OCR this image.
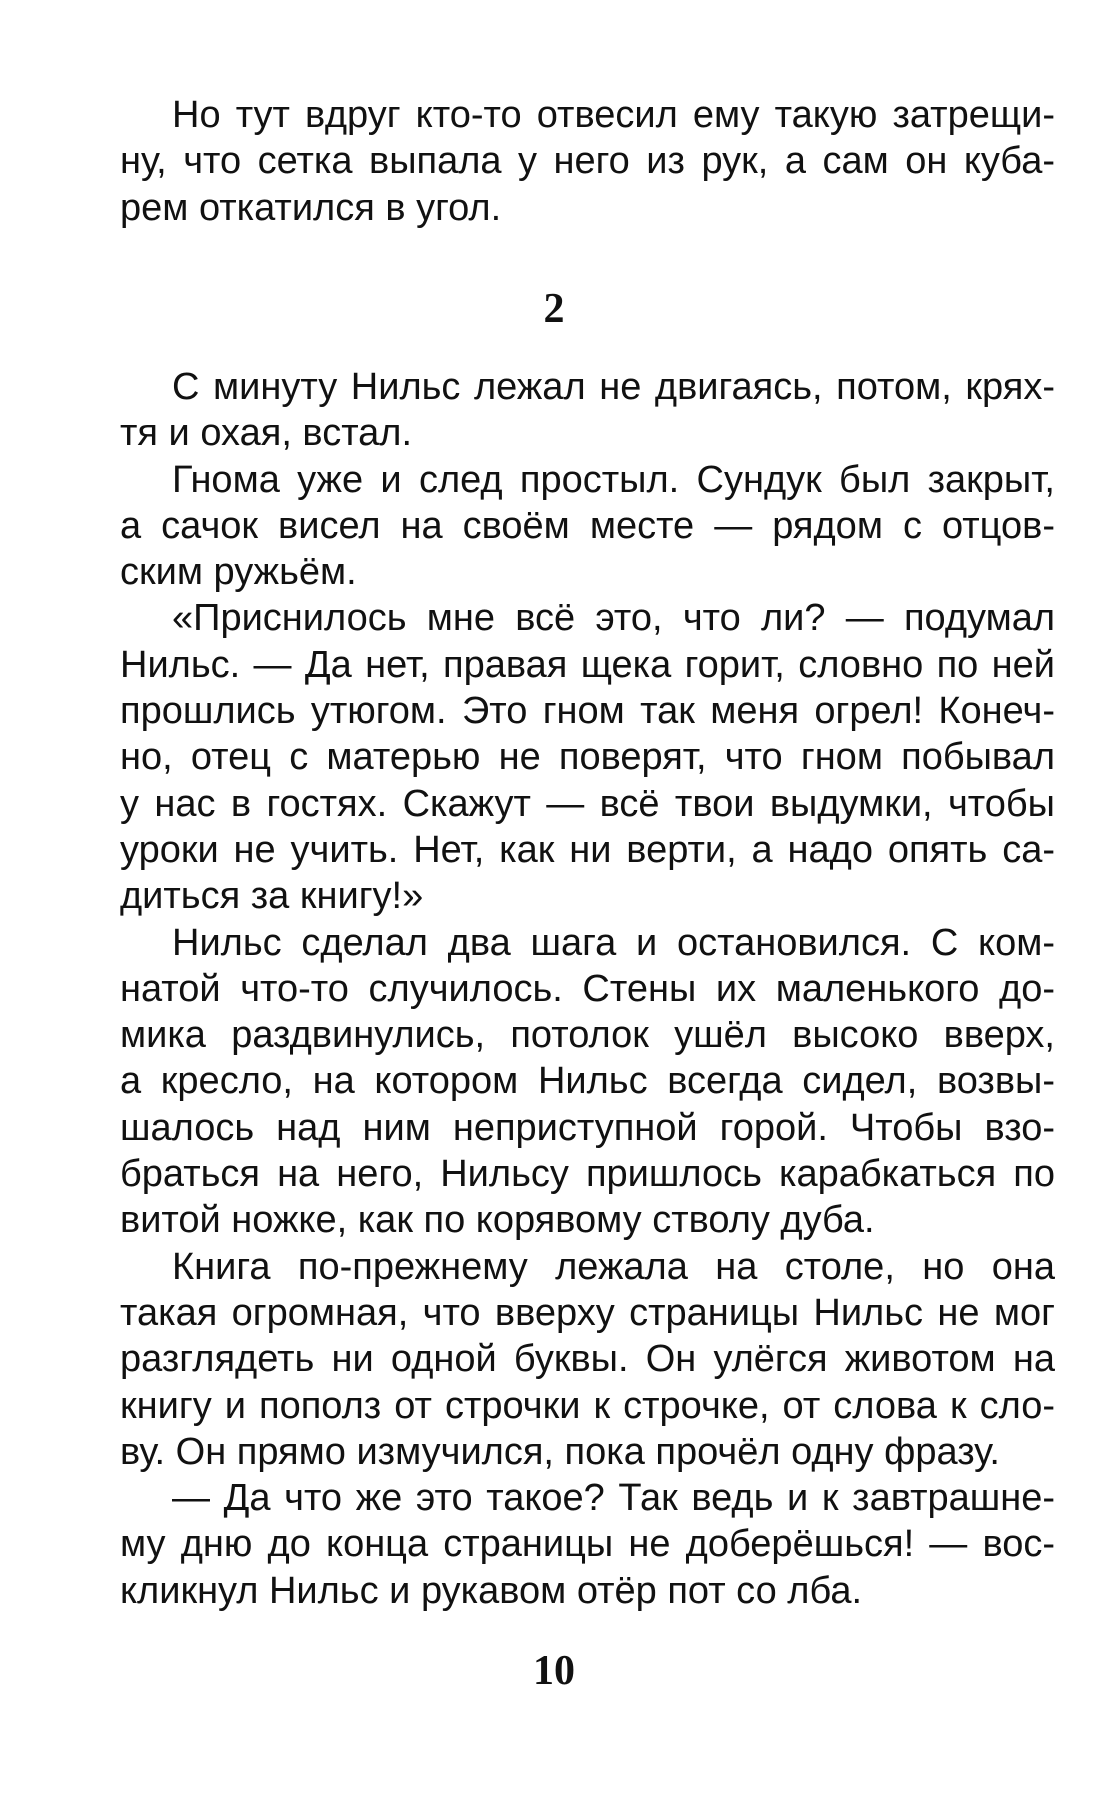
Но тут вдруг кто-то отвесил ему такую затрещи-
ну, что сетка выпала у него из рук, а сам он куба-
рем откатился в угол.
2
С минуту Нильс лежал не двигаясь, потом, крях-
тя и охая, встал.
Гнома уже и след простыл. Сундук был закрыт,
а сачок висел на своём месте — рядом с отцов-
ским ружьём.
«Приснилось мне всё это, что ли? — подумал
Нильс. — Да нет, правая щека горит, словно по ней
прошлись утюгом. Это гном так меня огрел! Конеч-
но, отец с матерью не поверят, что гном побывал
у нас в гостях. Скажут — всё твои выдумки, чтобы
уроки не учить. Нет, как ни верти, а надо опять са-
диться за книгу!»
Нильс сделал два шага и остановился. С ком-
натой что-то случилось. Стены их маленького до-
мика раздвинулись, потолок ушёл высоко вверх,
а кресло, на котором Нильс всегда сидел, возвы-
шалось над ним неприступной горой. Чтобы взо-
браться на него, Нильсу пришлось карабкаться по
витой ножке, как по корявому стволу дуба.
Книга по-прежнему лежала на столе, но она
такая огромная, что вверху страницы Нильс не мог
разглядеть ни одной буквы. Он улёгся животом на
книгу и пополз от строчки к строчке, от слова к сло-
ву. Он прямо измучился, пока прочёл одну фразу.
— Да что же это такое? Так ведь и к завтрашне-
му дню до конца страницы не доберёшься! — вос-
кликнул Нильс и рукавом отёр пот со лба.
10
